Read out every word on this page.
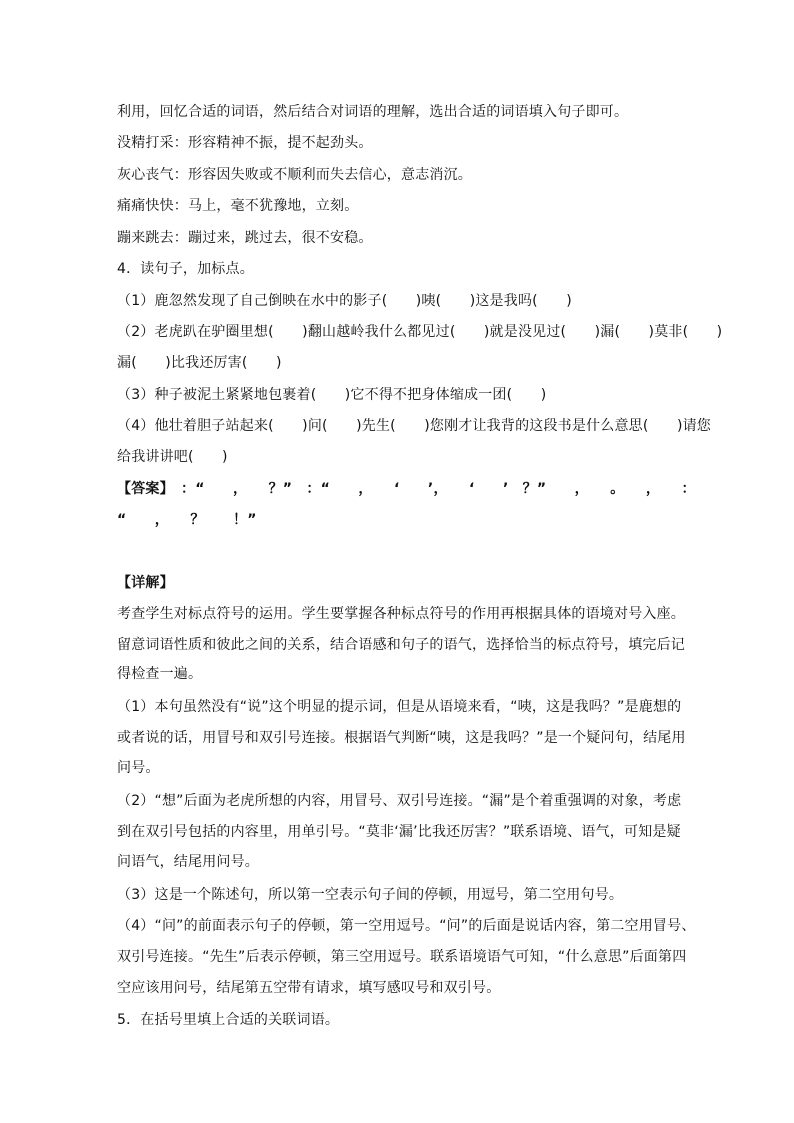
利用，回忆合适的词语，然后结合对词语的理解，选出合适的词语填入句子即可。
没精打采：形容精神不振，提不起劲头。
灰心丧气：形容因失败或不顺利而失去信心，意志消沉。
痛痛快快：马上，毫不犹豫地，立刻。
蹦来跳去：蹦过来，跳过去，很不安稳。
4．读句子，加标点。
（1）鹿忽然发现了自己倒映在水中的影子(　　)咦(　　)这是我吗(　　)
（2）老虎趴在驴圈里想(　　)翻山越岭我什么都见过(　　)就是没见过(　　)漏(　　)莫非(　　)
漏(　　)比我还厉害(　　)
（3）种子被泥土紧紧地包裹着(　　)它不得不把身体缩成一团(　　)
（4）他壮着胆子站起来(　　)问(　　)先生(　　)您刚才让我背的这段书是什么意思(　　)请您
给我讲讲吧(　　)
【答案】　：“　　，　　？”　：“　　，　　‘　　’，　　‘　　’　？”　　，　　。　　，　　：
“　　，　　？　　！”
【详解】
考查学生对标点符号的运用。学生要掌握各种标点符号的作用再根据具体的语境对号入座。
留意词语性质和彼此之间的关系，结合语感和句子的语气，选择恰当的标点符号，填完后记
得检查一遍。
（1）本句虽然没有“说”这个明显的提示词，但是从语境来看，“咦，这是我吗？”是鹿想的
或者说的话，用冒号和双引号连接。根据语气判断“咦，这是我吗？”是一个疑问句，结尾用
问号。
（2）“想”后面为老虎所想的内容，用冒号、双引号连接。“漏”是个着重强调的对象，考虑
到在双引号包括的内容里，用单引号。“莫非‘漏’比我还厉害？”联系语境、语气，可知是疑
问语气，结尾用问号。
（3）这是一个陈述句，所以第一空表示句子间的停顿，用逗号，第二空用句号。
（4）“问”的前面表示句子的停顿，第一空用逗号。“问”的后面是说话内容，第二空用冒号、
双引号连接。“先生”后表示停顿，第三空用逗号。联系语境语气可知，“什么意思”后面第四
空应该用问号，结尾第五空带有请求，填写感叹号和双引号。
5．在括号里填上合适的关联词语。
